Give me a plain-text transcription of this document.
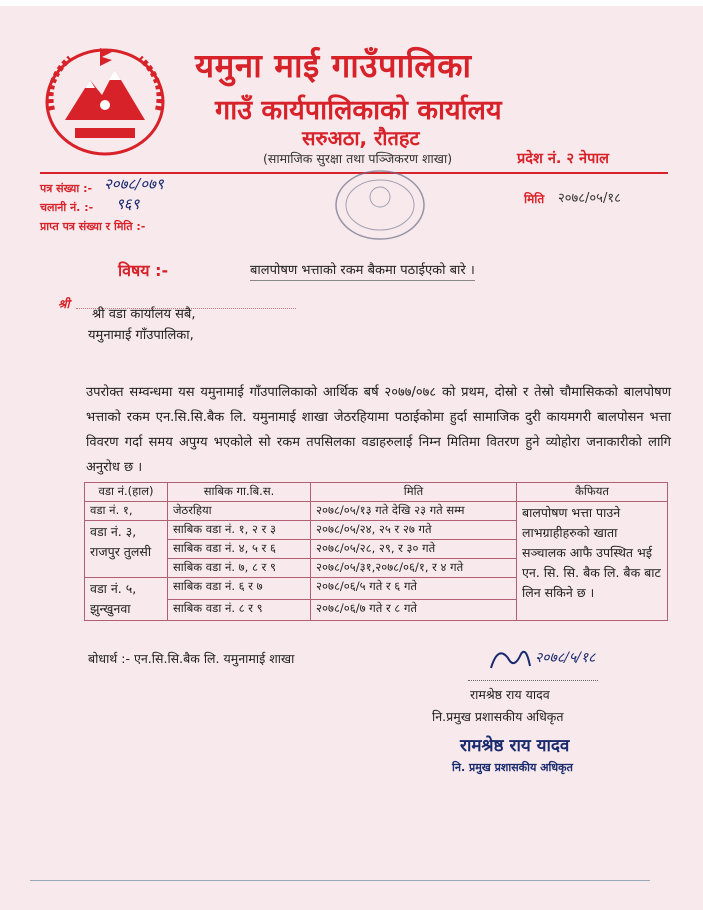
यमुना माई गाउँपालिका
गाउँ कार्यपालिकाको कार्यालय
सरुअठा, रौतहट
(सामाजिक सुरक्षा तथा पञ्जिकरण शाखा)	प्रदेश नं. २ नेपाल
पत्र संख्या :- २०७८/०७९
चलानी नं. :- ९६९
प्राप्त पत्र संख्या र मिति :-
मिति २०७८/०५/१८
विषय :-	बालपोषण भत्ताको रकम बैकमा पठाईएको बारे ।
श्री
श्री वडा कार्यालय सबै,
यमुनामाई गाँउपालिका,
उपरोक्त सम्वन्धमा यस यमुनामाई गाँउपालिकाको आर्थिक बर्ष २०७७/०७८ को प्रथम, दोस्रो र तेस्रो चौमासिकको बालपोषण भत्ताको रकम एन.सि.सि.बैक लि. यमुनामाई शाखा जेठरहियामा पठाईकोमा हुर्दा सामाजिक दुरी कायमगरी बालपोसन भत्ता विवरण गर्दा समय अपुग्य भएकोले सो रकम तपसिलका वडाहरुलाई निम्न मितिमा वितरण हुने व्योहोरा जनाकारीको लागि अनुरोध छ ।
वडा नं.(हाल)	साबिक गा.बि.स.	मिति	कैफियत
वडा नं. १,	जेठरहिया	२०७८/०५/१३ गते देखि २३ गते सम्म	बालपोषण भत्ता पाउने लाभग्राहीहरुको खाता सञ्चालक आफै उपस्थित भई एन. सि. सि. बैक लि. बैक बाट लिन सकिने छ ।
वडा नं. ३, राजपुर तुलसी	साबिक वडा नं. १, २ र ३	२०७८/०५/२४, २५ र २७ गते	
	साबिक वडा नं. ४, ५ र ६	२०७८/०५/२८, २९, र ३० गते	
	साबिक वडा नं. ७, ८ र ९	२०७८/०५/३१,२०७८/०६/१, र ४ गते	
वडा नं. ५, झुन्खुनवा	साबिक वडा नं. ६ र ७	२०७८/०६/५ गते र ६ गते	
	साबिक वडा नं. ८ र ९	२०७८/०६/७ गते र ८ गते	
बोधार्थ :- एन.सि.सि.बैक लि. यमुनामाई शाखा	२०७८/५/१८
रामश्रेष्ठ राय यादव
नि.प्रमुख प्रशासकीय अधिकृत
रामश्रेष्ठ राय यादव
नि. प्रमुख प्रशासकीय अधिकृत
